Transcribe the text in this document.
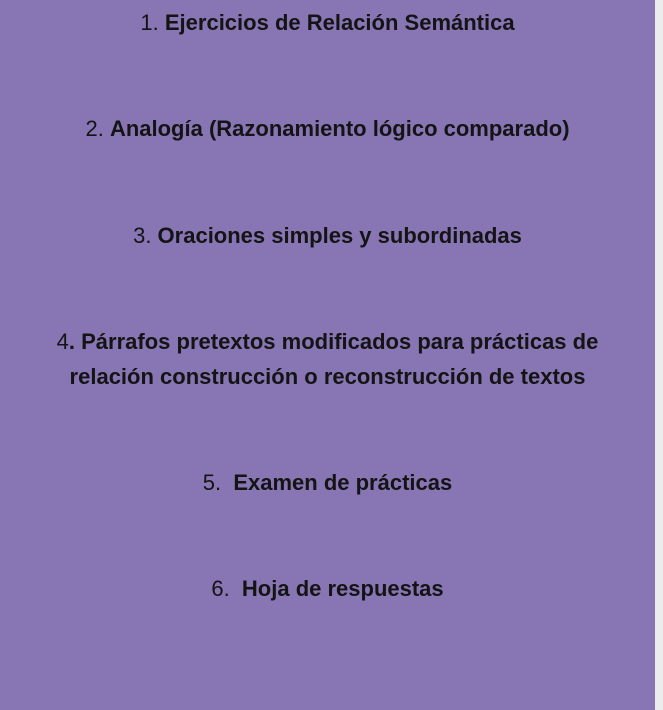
1. Ejercicios de Relación Semántica
2. Analogía (Razonamiento lógico comparado)
3. Oraciones simples y subordinadas
4. Párrafos pretextos modificados para prácticas de
relación construcción o reconstrucción de textos
5.  Examen de prácticas
6.  Hoja de respuestas
